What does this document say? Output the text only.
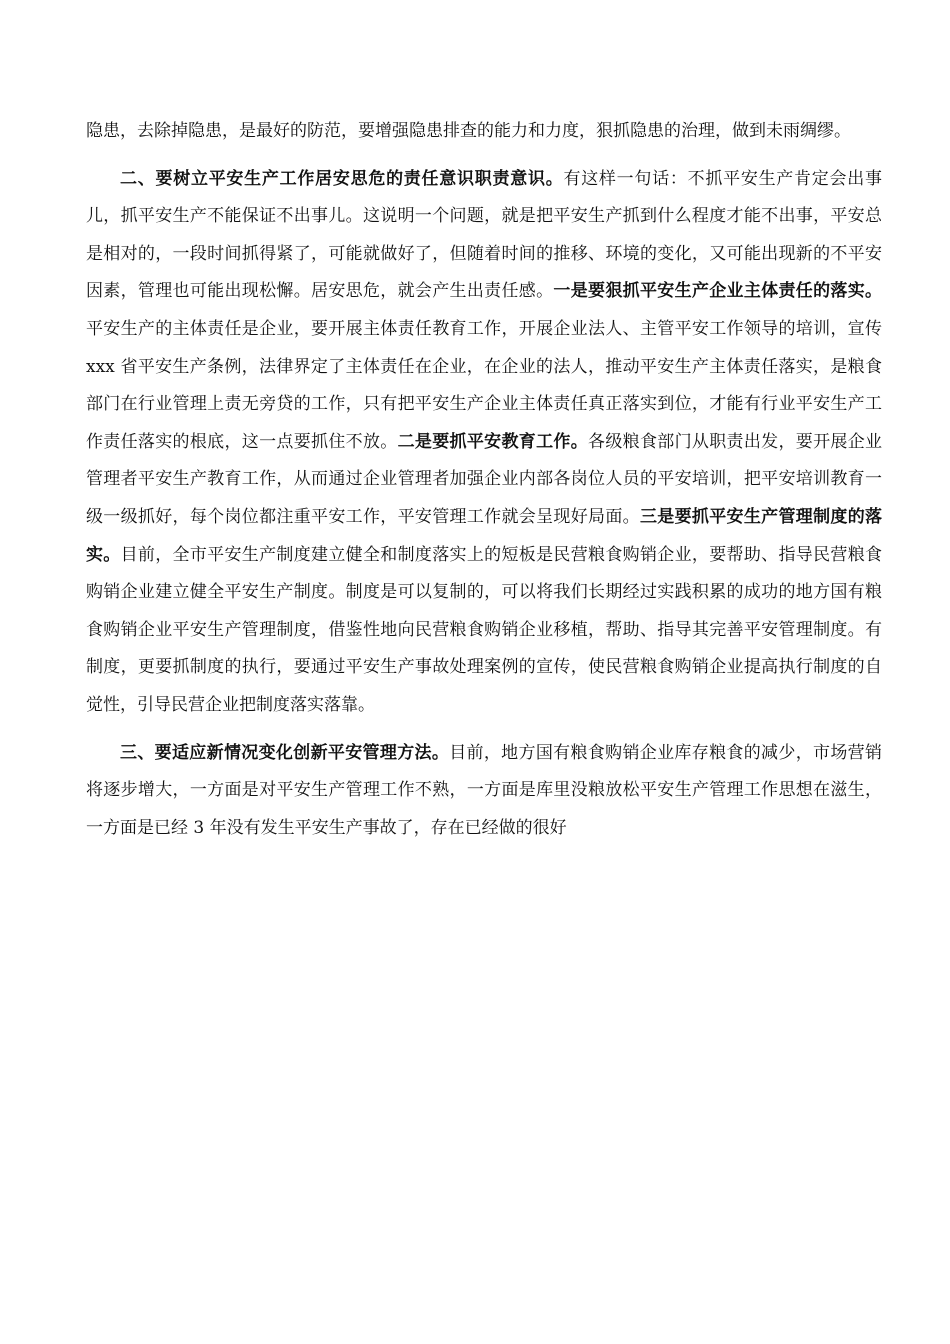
隐患，去除掉隐患，是最好的防范，要增强隐患排查的能力和力度，狠抓隐患的治理，做到未雨绸缪。

二、要树立平安生产工作居安思危的责任意识职责意识。有这样一句话：不抓平安生产肯定会出事儿，抓平安生产不能保证不出事儿。这说明一个问题，就是把平安生产抓到什么程度才能不出事，平安总是相对的，一段时间抓得紧了，可能就做好了，但随着时间的推移、环境的变化，又可能出现新的不平安因素，管理也可能出现松懈。居安思危，就会产生出责任感。一是要狠抓平安生产企业主体责任的落实。平安生产的主体责任是企业，要开展主体责任教育工作，开展企业法人、主管平安工作领导的培训，宣传 xxx 省平安生产条例，法律界定了主体责任在企业，在企业的法人，推动平安生产主体责任落实，是粮食部门在行业管理上责无旁贷的工作，只有把平安生产企业主体责任真正落实到位，才能有行业平安生产工作责任落实的根底，这一点要抓住不放。二是要抓平安教育工作。各级粮食部门从职责出发，要开展企业管理者平安生产教育工作，从而通过企业管理者加强企业内部各岗位人员的平安培训，把平安培训教育一级一级抓好，每个岗位都注重平安工作，平安管理工作就会呈现好局面。三是要抓平安生产管理制度的落实。目前，全市平安生产制度建立健全和制度落实上的短板是民营粮食购销企业，要帮助、指导民营粮食购销企业建立健全平安生产制度。制度是可以复制的，可以将我们长期经过实践积累的成功的地方国有粮食购销企业平安生产管理制度，借鉴性地向民营粮食购销企业移植，帮助、指导其完善平安管理制度。有制度，更要抓制度的执行，要通过平安生产事故处理案例的宣传，使民营粮食购销企业提高执行制度的自觉性，引导民营企业把制度落实落靠。

三、要适应新情况变化创新平安管理方法。目前，地方国有粮食购销企业库存粮食的减少，市场营销将逐步增大，一方面是对平安生产管理工作不熟，一方面是库里没粮放松平安生产管理工作思想在滋生，一方面是已经 3 年没有发生平安生产事故了，存在已经做的很好
